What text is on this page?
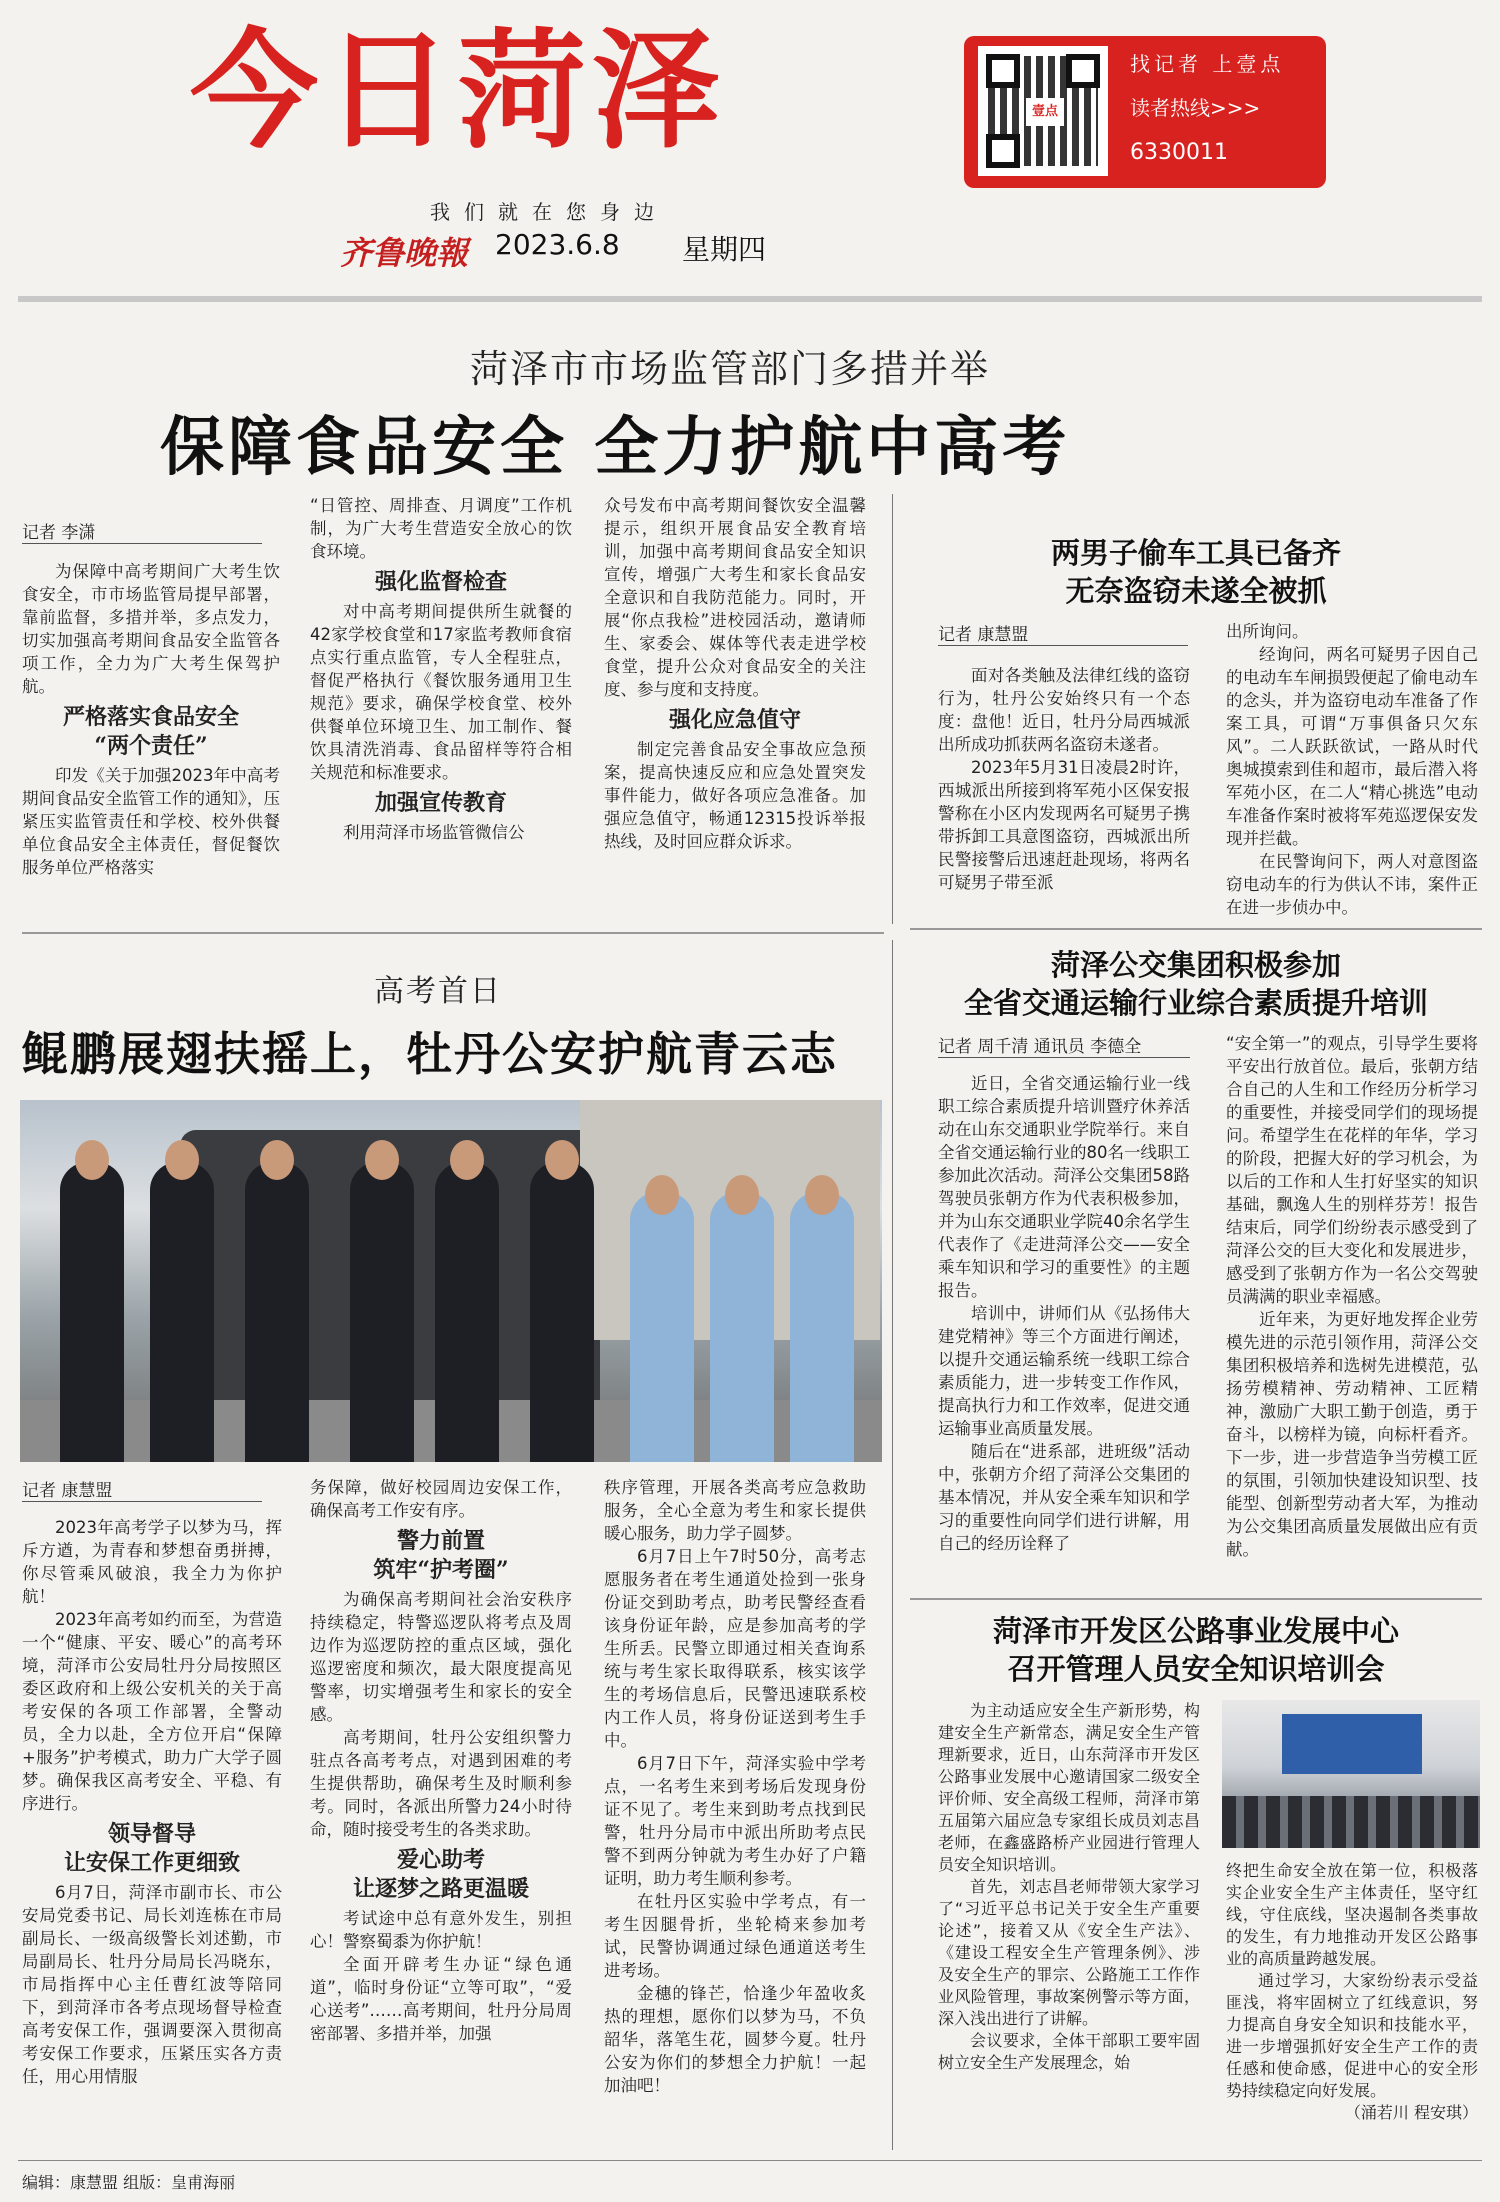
今日菏泽
我们就在您身边
齐鲁晚報 2023.6.8 星期四
壹点
找记者 上壹点
读者热线>>>
6330011
菏泽市市场监管部门多措并举
保障食品安全 全力护航中高考
记者 李潇

为保障中高考期间广大考生饮食安全，市市场监管局提早部署，靠前监督，多措并举，多点发力，切实加强高考期间食品安全监管各项工作，全力为广大考生保驾护航。

严格落实食品安全
“两个责任”

印发《关于加强2023年中高考期间食品安全监管工作的通知》，压紧压实监管责任和学校、校外供餐单位食品安全主体责任，督促餐饮服务单位严格落实

“日管控、周排查、月调度”工作机制，为广大考生营造安全放心的饮食环境。

强化监督检查

对中高考期间提供所生就餐的42家学校食堂和17家监考教师食宿点实行重点监管，专人全程驻点，督促严格执行《餐饮服务通用卫生规范》要求，确保学校食堂、校外供餐单位环境卫生、加工制作、餐饮具清洗消毒、食品留样等符合相关规范和标准要求。

加强宣传教育

利用菏泽市场监管微信公

众号发布中高考期间餐饮安全温馨提示，组织开展食品安全教育培训，加强中高考期间食品安全知识宣传，增强广大考生和家长食品安全意识和自我防范能力。同时，开展“你点我检”进校园活动，邀请师生、家委会、媒体等代表走进学校食堂，提升公众对食品安全的关注度、参与度和支持度。

强化应急值守

制定完善食品安全事故应急预案，提高快速反应和应急处置突发事件能力，做好各项应急准备。加强应急值守，畅通12315投诉举报热线，及时回应群众诉求。

两男子偷车工具已备齐
无奈盗窃未遂全被抓
记者 康慧盟

面对各类触及法律红线的盗窃行为，牡丹公安始终只有一个态度：盘他！近日，牡丹分局西城派出所成功抓获两名盗窃未遂者。

2023年5月31日凌晨2时许，西城派出所接到将军苑小区保安报警称在小区内发现两名可疑男子携带拆卸工具意图盗窃，西城派出所民警接警后迅速赶赴现场，将两名可疑男子带至派

出所询问。

经询问，两名可疑男子因自己的电动车车闸损毁便起了偷电动车的念头，并为盗窃电动车准备了作案工具，可谓“万事俱备只欠东风”。二人跃跃欲试，一路从时代奥城摸索到佳和超市，最后潜入将军苑小区，在二人“精心挑选”电动车准备作案时被将军苑巡逻保安发现并拦截。

在民警询问下，两人对意图盗窃电动车的行为供认不讳，案件正在进一步侦办中。

高考首日
鲲鹏展翅扶摇上，牡丹公安护航青云志
记者 康慧盟

2023年高考学子以梦为马，挥斥方遒，为青春和梦想奋勇拼搏，你尽管乘风破浪，我全力为你护航！

2023年高考如约而至，为营造一个“健康、平安、暖心”的高考环境，菏泽市公安局牡丹分局按照区委区政府和上级公安机关的关于高考安保的各项工作部署，全警动员，全力以赴，全方位开启“保障+服务”护考模式，助力广大学子圆梦。确保我区高考安全、平稳、有序进行。

领导督导
让安保工作更细致

6月7日，菏泽市副市长、市公安局党委书记、局长刘连栋在市局副局长、一级高级警长刘述勤，市局副局长、牡丹分局局长冯晓东，市局指挥中心主任曹红波等陪同下，到菏泽市各考点现场督导检查高考安保工作，强调要深入贯彻高考安保工作要求，压紧压实各方责任，用心用情服

务保障，做好校园周边安保工作，确保高考工作安有序。

警力前置
筑牢“护考圈”

为确保高考期间社会治安秩序持续稳定，特警巡逻队将考点及周边作为巡逻防控的重点区域，强化巡逻密度和频次，最大限度提高见警率，切实增强考生和家长的安全感。

高考期间，牡丹公安组织警力驻点各高考考点，对遇到困难的考生提供帮助，确保考生及时顺利参考。同时，各派出所警力24小时待命，随时接受考生的各类求助。

爱心助考
让逐梦之路更温暖

考试途中总有意外发生，别担心！警察蜀黍为你护航！

全面开辟考生办证“绿色通道”，临时身份证“立等可取”，“爱心送考”……高考期间，牡丹分局周密部署、多措并举，加强

秩序管理，开展各类高考应急救助服务，全心全意为考生和家长提供暖心服务，助力学子圆梦。

6月7日上午7时50分，高考志愿服务者在考生通道处捡到一张身份证交到助考点，助考民警经查看该身份证年龄，应是参加高考的学生所丢。民警立即通过相关查询系统与考生家长取得联系，核实该学生的考场信息后，民警迅速联系校内工作人员，将身份证送到考生手中。

6月7日下午，菏泽实验中学考点，一名考生来到考场后发现身份证不见了。考生来到助考点找到民警，牡丹分局市中派出所助考点民警不到两分钟就为考生办好了户籍证明，助力考生顺利参考。

在牡丹区实验中学考点，有一考生因腿骨折，坐轮椅来参加考试，民警协调通过绿色通道送考生进考场。

金穗的锋芒，恰逢少年盈收炙热的理想，愿你们以梦为马，不负韶华，落笔生花，圆梦今夏。牡丹公安为你们的梦想全力护航！一起加油吧！

菏泽公交集团积极参加
全省交通运输行业综合素质提升培训
记者 周千清 通讯员 李德全

近日，全省交通运输行业一线职工综合素质提升培训暨疗休养活动在山东交通职业学院举行。来自全省交通运输行业的80名一线职工参加此次活动。菏泽公交集团58路驾驶员张朝方作为代表积极参加，并为山东交通职业学院40余名学生代表作了《走进菏泽公交——安全乘车知识和学习的重要性》的主题报告。

培训中，讲师们从《弘扬伟大建党精神》等三个方面进行阐述，以提升交通运输系统一线职工综合素质能力，进一步转变工作作风，提高执行力和工作效率，促进交通运输事业高质量发展。

随后在“进系部，进班级”活动中，张朝方介绍了菏泽公交集团的基本情况，并从安全乘车知识和学习的重要性向同学们进行讲解，用自己的经历诠释了

“安全第一”的观点，引导学生要将平安出行放首位。最后，张朝方结合自己的人生和工作经历分析学习的重要性，并接受同学们的现场提问。希望学生在花样的年华，学习的阶段，把握大好的学习机会，为以后的工作和人生打好坚实的知识基础，飘逸人生的别样芬芳！报告结束后，同学们纷纷表示感受到了菏泽公交的巨大变化和发展进步，感受到了张朝方作为一名公交驾驶员满满的职业幸福感。

近年来，为更好地发挥企业劳模先进的示范引领作用，菏泽公交集团积极培养和选树先进模范，弘扬劳模精神、劳动精神、工匠精神，激励广大职工勤于创造，勇于奋斗，以榜样为镜，向标杆看齐。下一步，进一步营造争当劳模工匠的氛围，引领加快建设知识型、技能型、创新型劳动者大军，为推动为公交集团高质量发展做出应有贡献。

菏泽市开发区公路事业发展中心
召开管理人员安全知识培训会

为主动适应安全生产新形势，构建安全生产新常态，满足安全生产管理新要求，近日，山东菏泽市开发区公路事业发展中心邀请国家二级安全评价师、安全高级工程师，菏泽市第五届第六届应急专家组长成员刘志昌老师，在鑫盛路桥产业园进行管理人员安全知识培训。

首先，刘志昌老师带领大家学习了“习近平总书记关于安全生产重要论述”，接着又从《安全生产法》、《建设工程安全生产管理条例》、涉及安全生产的罪宗、公路施工工作作业风险管理，事故案例警示等方面，深入浅出进行了讲解。

会议要求，全体干部职工要牢固树立安全生产发展理念，始

终把生命安全放在第一位，积极落实企业安全生产主体责任，坚守红线，守住底线，坚决遏制各类事故的发生，有力地推动开发区公路事业的高质量跨越发展。

通过学习，大家纷纷表示受益匪浅，将牢固树立了红线意识，努力提高自身安全知识和技能水平，进一步增强抓好安全生产工作的责任感和使命感，促进中心的安全形势持续稳定向好发展。

（涌若川 程安琪）

编辑：康慧盟 组版：皇甫海丽
